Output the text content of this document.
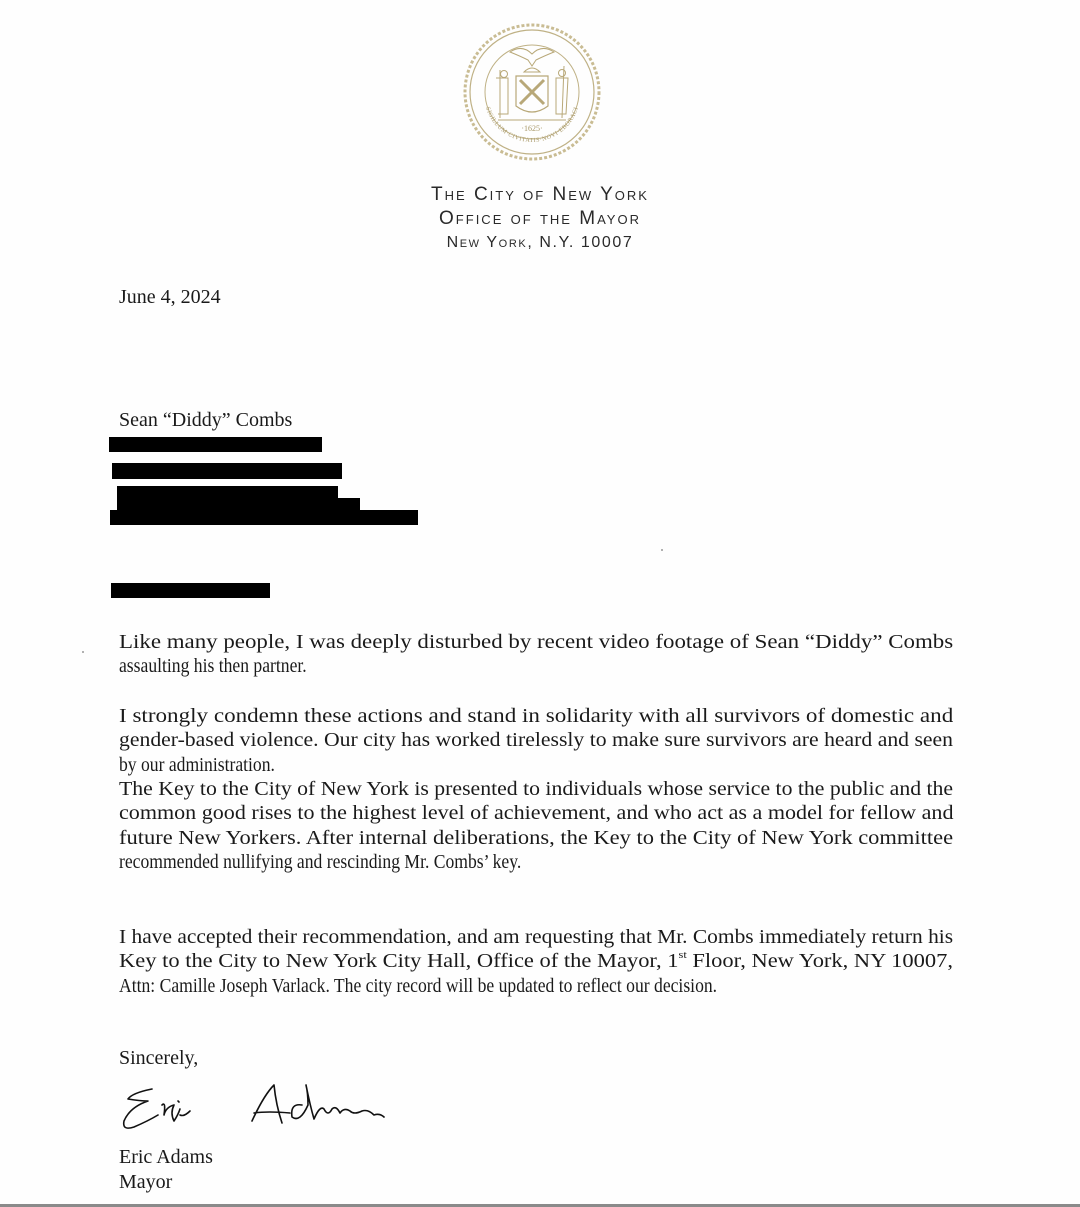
·1625·
SIGILLUM·CIVITATIS·NOVI·EBORACI
The City of New York
Office of the Mayor
New York, N.Y. 10007
June 4, 2024
Sean “Diddy” Combs
Like many people, I was deeply disturbed by recent video footage of Sean “Diddy” Combs
assaulting his then partner.
I strongly condemn these actions and stand in solidarity with all survivors of domestic and
gender-based violence. Our city has worked tirelessly to make sure survivors are heard and seen
by our administration.
The Key to the City of New York is presented to individuals whose service to the public and the
common good rises to the highest level of achievement, and who act as a model for fellow and
future New Yorkers. After internal deliberations, the Key to the City of New York committee
recommended nullifying and rescinding Mr. Combs’ key.
I have accepted their recommendation, and am requesting that Mr. Combs immediately return his
Key to the City to New York City Hall, Office of the Mayor, 1st Floor, New York, NY 10007,
Attn: Camille Joseph Varlack. The city record will be updated to reflect our decision.
Sincerely,
Eric Adams
Mayor
